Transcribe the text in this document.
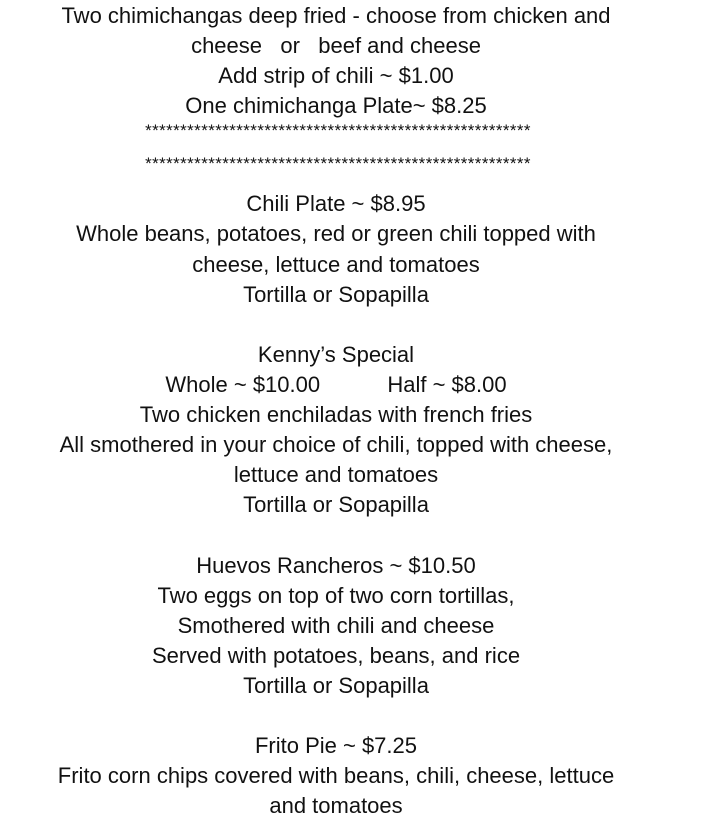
Two chimichangas deep fried - choose from chicken and
cheese   or   beef and cheese
Add strip of chili ~ $1.00
One chimichanga Plate~ $8.25
*******************************************************
*******************************************************
Chili Plate ~ $8.95
Whole beans, potatoes, red or green chili topped with
cheese, lettuce and tomatoes
Tortilla or Sopapilla
Kenny’s Special
Whole ~ $10.00           Half ~ $8.00
Two chicken enchiladas with french fries
All smothered in your choice of chili, topped with cheese,
lettuce and tomatoes
Tortilla or Sopapilla
Huevos Rancheros ~ $10.50
Two eggs on top of two corn tortillas,
Smothered with chili and cheese
Served with potatoes, beans, and rice
Tortilla or Sopapilla
Frito Pie ~ $7.25
Frito corn chips covered with beans, chili, cheese, lettuce
and tomatoes
